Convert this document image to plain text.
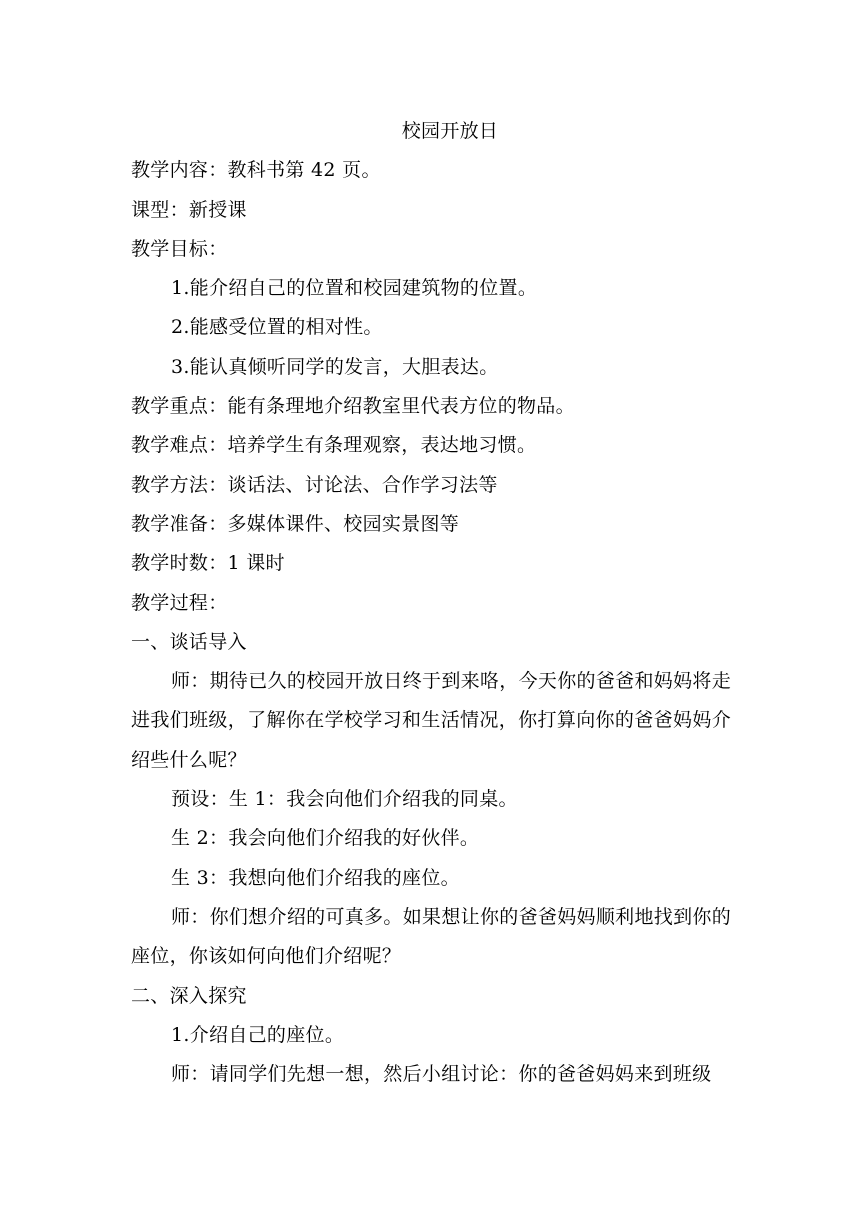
校园开放日
教学内容：教科书第 42 页。
课型：新授课
教学目标：
1.能介绍自己的位置和校园建筑物的位置。
2.能感受位置的相对性。
3.能认真倾听同学的发言，大胆表达。
教学重点：能有条理地介绍教室里代表方位的物品。
教学难点：培养学生有条理观察，表达地习惯。
教学方法：谈话法、讨论法、合作学习法等
教学准备：多媒体课件、校园实景图等
教学时数：1 课时
教学过程：
一、谈话导入

师：期待已久的校园开放日终于到来咯，今天你的爸爸和妈妈将走进我们班级，了解你在学校学习和生活情况，你打算向你的爸爸妈妈介绍些什么呢？

预设：生 1：我会向他们介绍我的同桌。
生 2：我会向他们介绍我的好伙伴。
生 3：我想向他们介绍我的座位。

师：你们想介绍的可真多。如果想让你的爸爸妈妈顺利地找到你的座位，你该如何向他们介绍呢？

二、深入探究
1.介绍自己的座位。
师：请同学们先想一想，然后小组讨论：你的爸爸妈妈来到班级
